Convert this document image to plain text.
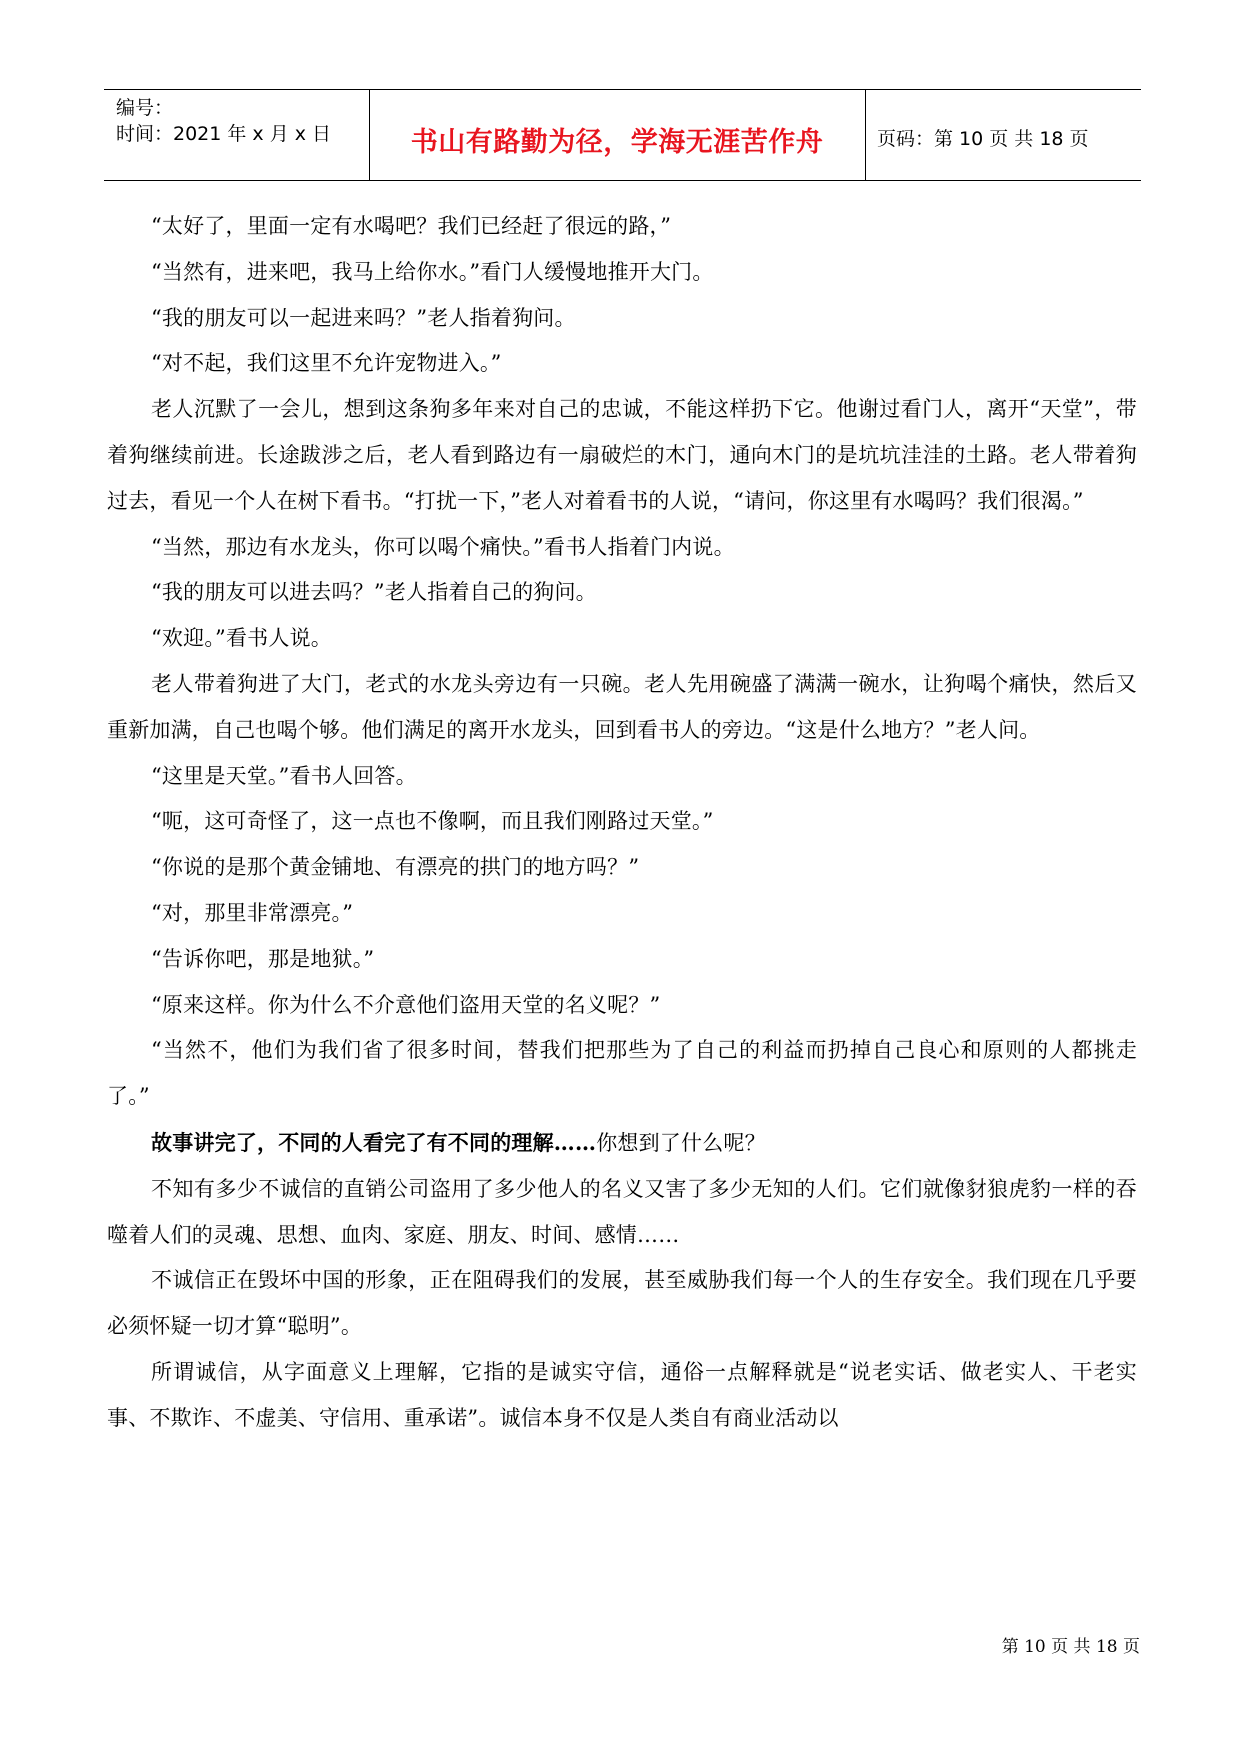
编号：
时间：2021 年 x 月 x 日	书山有路勤为径，学海无涯苦作舟	页码：第 10 页 共 18 页

“太好了，里面一定有水喝吧？我们已经赶了很远的路，”

“当然有，进来吧，我马上给你水。”看门人缓慢地推开大门。

“我的朋友可以一起进来吗？”老人指着狗问。

“对不起，我们这里不允许宠物进入。”

老人沉默了一会儿，想到这条狗多年来对自己的忠诚，不能这样扔下它。他谢过看门人，离开“天堂”，带着狗继续前进。长途跋涉之后，老人看到路边有一扇破烂的木门，通向木门的是坑坑洼洼的土路。老人带着狗过去，看见一个人在树下看书。“打扰一下，”老人对着看书的人说，“请问，你这里有水喝吗？我们很渴。”

“当然，那边有水龙头，你可以喝个痛快。”看书人指着门内说。

“我的朋友可以进去吗？”老人指着自己的狗问。

“欢迎。”看书人说。

老人带着狗进了大门，老式的水龙头旁边有一只碗。老人先用碗盛了满满一碗水，让狗喝个痛快，然后又重新加满，自己也喝个够。他们满足的离开水龙头，回到看书人的旁边。“这是什么地方？”老人问。

“这里是天堂。”看书人回答。

“呃，这可奇怪了，这一点也不像啊，而且我们刚路过天堂。”

“你说的是那个黄金铺地、有漂亮的拱门的地方吗？”

“对，那里非常漂亮。”

“告诉你吧，那是地狱。”

“原来这样。你为什么不介意他们盗用天堂的名义呢？”

“当然不，他们为我们省了很多时间，替我们把那些为了自己的利益而扔掉自己良心和原则的人都挑走了。”

故事讲完了，不同的人看完了有不同的理解……你想到了什么呢？

不知有多少不诚信的直销公司盗用了多少他人的名义又害了多少无知的人们。它们就像豺狼虎豹一样的吞噬着人们的灵魂、思想、血肉、家庭、朋友、时间、感情……

不诚信正在毁坏中国的形象，正在阻碍我们的发展，甚至威胁我们每一个人的生存安全。我们现在几乎要必须怀疑一切才算“聪明”。

所谓诚信，从字面意义上理解，它指的是诚实守信，通俗一点解释就是“说老实话、做老实人、干老实事、不欺诈、不虚美、守信用、重承诺”。诚信本身不仅是人类自有商业活动以

第 10 页 共 18 页
